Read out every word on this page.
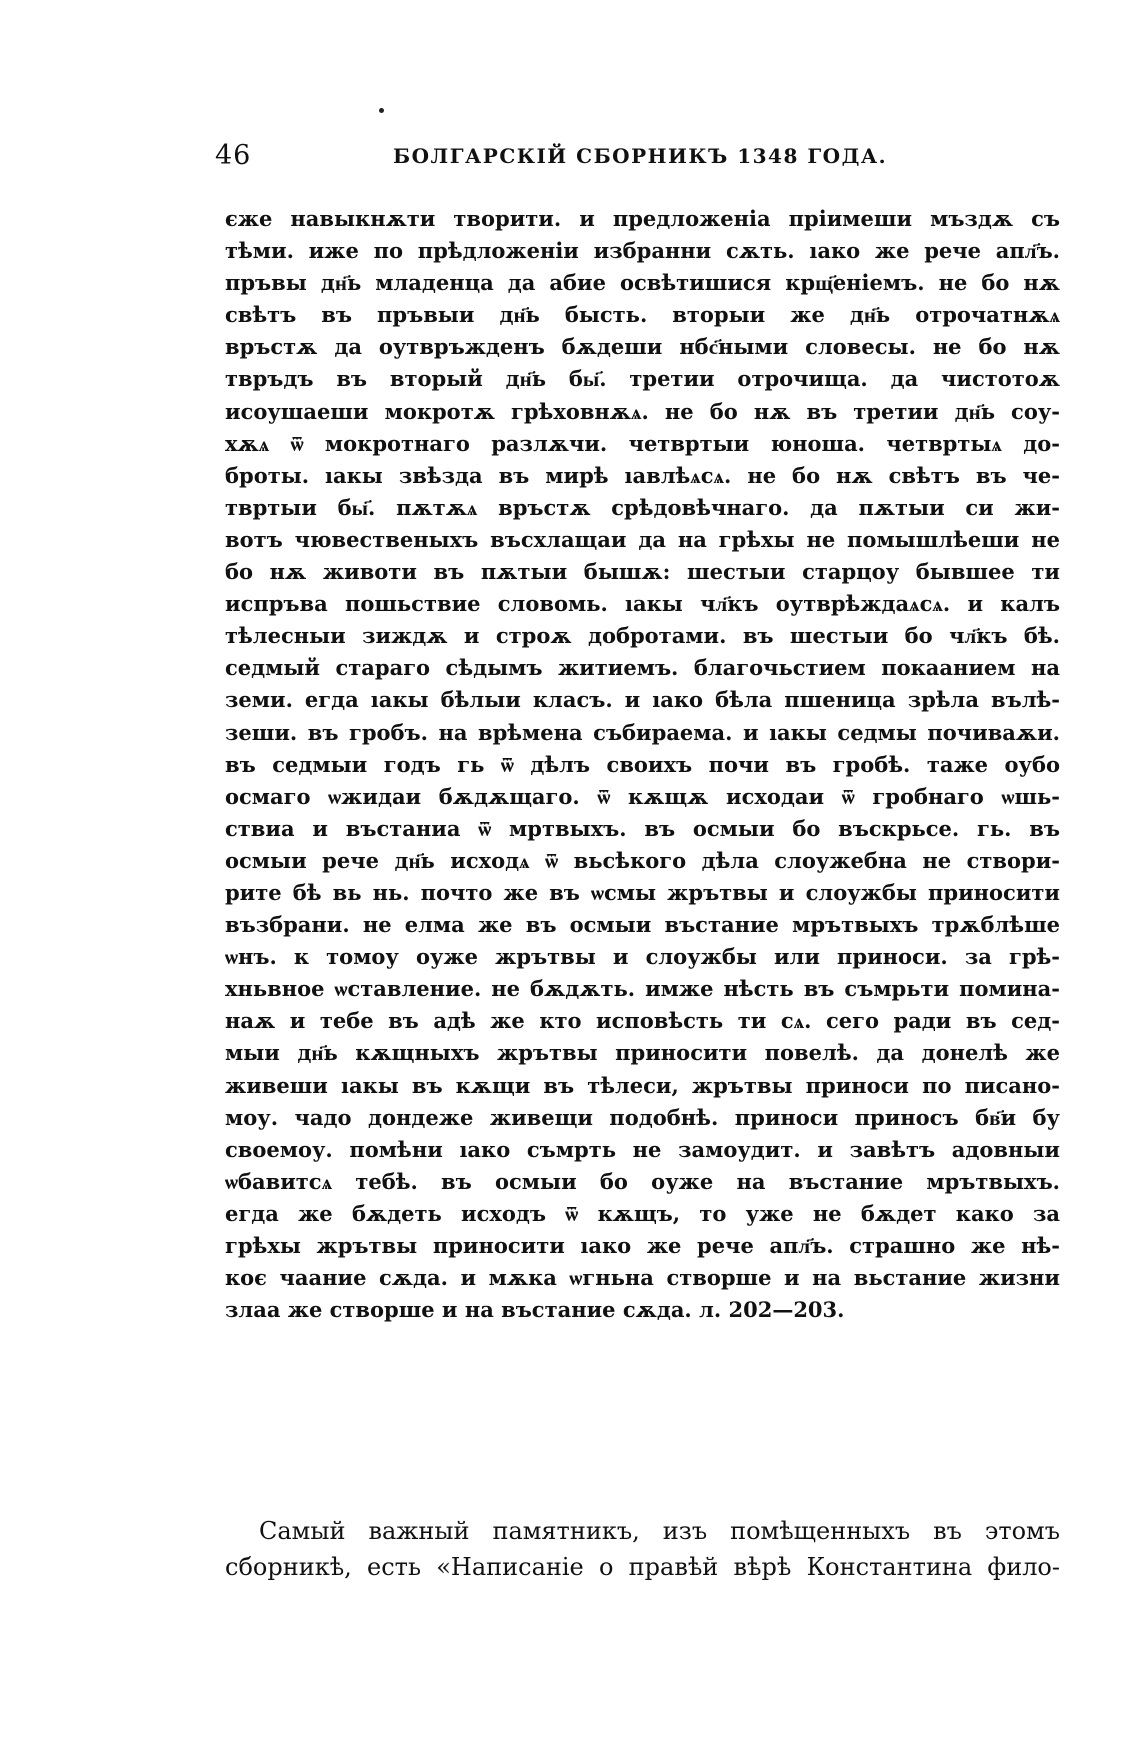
46	БОЛГАРСКІЙ СБОРНИКЪ 1348 ГОДА.
єже навыкнѫти творити. и предложеніа пріимеши мъздѫ съ
тѣми. иже по прѣдложеніи избранни сѫть. ıако же рече апл҃ъ.
пръвы дн҃ь младенца да абие освѣтишися крщ҃еніемъ. не бо нѫ
свѣтъ въ пръвыи дн҃ь бысть. вторыи же дн҃ь отрочатнѫѧ
връстѫ да оутвръжденъ бѫдеши нбс҃ными словесы. не бо нѫ
твръдъ въ вторый дн҃ь бы҃. третии отрочища. да чистотоѫ
исоушаеши мокротѫ грѣховнѫѧ. не бо нѫ въ третии дн҃ь соу-
хѫѧ ѿ мокротнаго разлѫчи. четвртыи юноша. четвртыѧ до-
броты. ıакы звѣзда въ мирѣ ıавлѣѧсѧ. не бо нѫ свѣтъ въ че-
твртыи бы҃. пѫтѫѧ връстѫ срѣдовѣчнаго. да пѫтыи си жи-
вотъ чювественыхъ въсхлащаи да на грѣхы не помышлѣеши не
бо нѫ животи въ пѫтыи бышѫ: шестыи старцоу бывшее ти
испръва пошьствие словомь. ıакы чл҃къ оутврѣждаѧсѧ. и калъ
тѣлесныи зиждѫ и строѫ добротами. въ шестыи бо чл҃къ бѣ.
седмый стараго сѣдымъ житиемъ. благочьстием покаанием на
земи. егда ıакы бѣлыи класъ. и ıако бѣла пшеница зрѣла вълѣ-
зеши. въ гробъ. на врѣмена събираема. и ıакы седмы почиваѫи.
въ седмыи годъ гь ѿ дѣлъ своихъ почи въ гробѣ. таже оубо
осмаго ѡжидаи бѫдѫщаго. ѿ кѫщѫ исходаи ѿ гробнаго ѡшь-
ствиа и въстаниа ѿ мртвыхъ. въ осмыи бо въскрьсе. гь. въ
осмыи рече дн҃ь исходѧ ѿ вьсѣкого дѣла слоужебна не створи-
рите бѣ вь нь. почто же въ ѡсмы жрътвы и слоужбы приносити
възбрани. не елма же въ осмыи въстание мрътвыхъ трѫблѣше
ѡнъ. к томоу оуже жрътвы и слоужбы или приноси. за грѣ-
хньвное ѡставление. не бѫдѫть. имже нѣсть въ съмрьти помина-
наѫ и тебе въ адѣ же кто исповѣсть ти сѧ. сего ради въ сед-
мыи дн҃ь кѫщныхъ жрътвы приносити повелѣ. да донелѣ же
живеши ıакы въ кѫщи въ тѣлеси, жрътвы приноси по писано-
моу. чадо дондеже живещи подобнѣ. приноси приносъ бв҃и бу
своемоу. помѣни ıако съмрть не замоудит. и завѣтъ адовныи
ѡбавитсѧ тебѣ. въ осмыи бо оуже на въстание мрътвыхъ.
егда же бѫдеть исходъ ѿ кѫщъ, то уже не бѫдет како за
грѣхы жрътвы приносити ıако же рече апл҃ъ. страшно же нѣ-
коє чаание сѫда. и мѫка ѡгньна створше и на вьстание жизни
злаа же створше и на въстание сѫда. л. 202—203.
Самый важный памятникъ, изъ помѣщенныхъ въ этомъ
сборникѣ, есть «Написаніе о правѣй вѣрѣ Константина фило-
